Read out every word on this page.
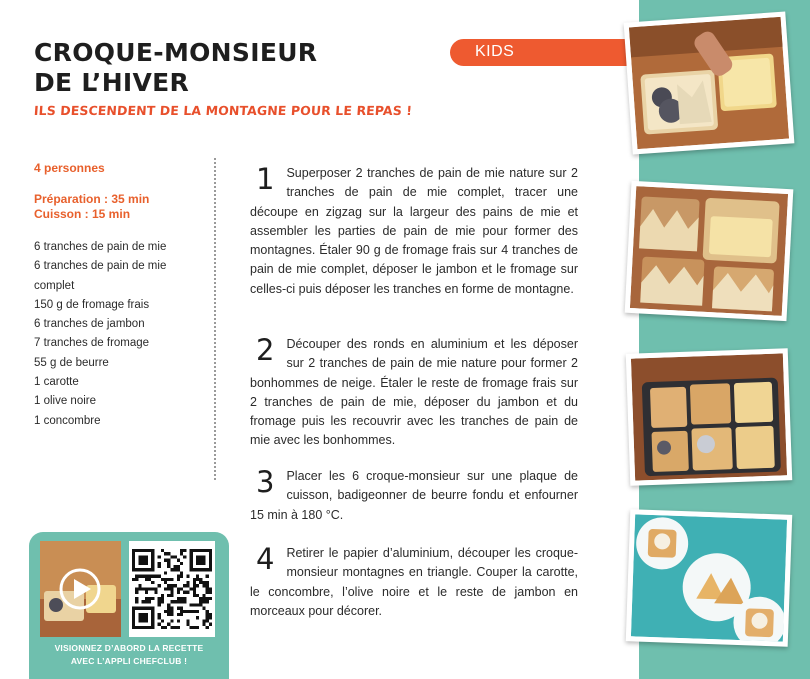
CROQUE-MONSIEUR
DE L’HIVER
ILS DESCENDENT DE LA MONTAGNE POUR LE REPAS !
KIDS
4 personnes
Préparation : 35 min
Cuisson : 15 min
6 tranches de pain de mie
6 tranches de pain de mie
complet
150 g de fromage frais
6 tranches de jambon
7 tranches de fromage
55 g de beurre
1 carotte
1 olive noire
1 concombre

1 Superposer 2 tranches de pain de mie nature sur 2 tranches de pain de mie complet, tracer une découpe en zigzag sur la largeur des pains de mie et assembler les parties de pain de mie pour former des montagnes. Étaler 90 g de fromage frais sur 4 tranches de pain de mie complet, déposer le jambon et le fromage sur celles-ci puis déposer les tranches en forme de montagne.

2 Découper des ronds en aluminium et les déposer sur 2 tranches de pain de mie nature pour former 2 bonhommes de neige. Étaler le reste de fromage frais sur 2 tranches de pain de mie, déposer du jambon et du fromage puis les recouvrir avec les tranches de pain de mie avec les bonhommes.

3 Placer les 6 croque-monsieur sur une plaque de cuisson, badigeonner de beurre fondu et enfourner 15 min à 180 °C.

4 Retirer le papier d’aluminium, découper les croque-monsieur montagnes en triangle. Couper la carotte, le concombre, l’olive noire et le reste de jambon en morceaux pour décorer.

VISIONNEZ D’ABORD LA RECETTE
AVEC L’APPLI CHEFCLUB !
